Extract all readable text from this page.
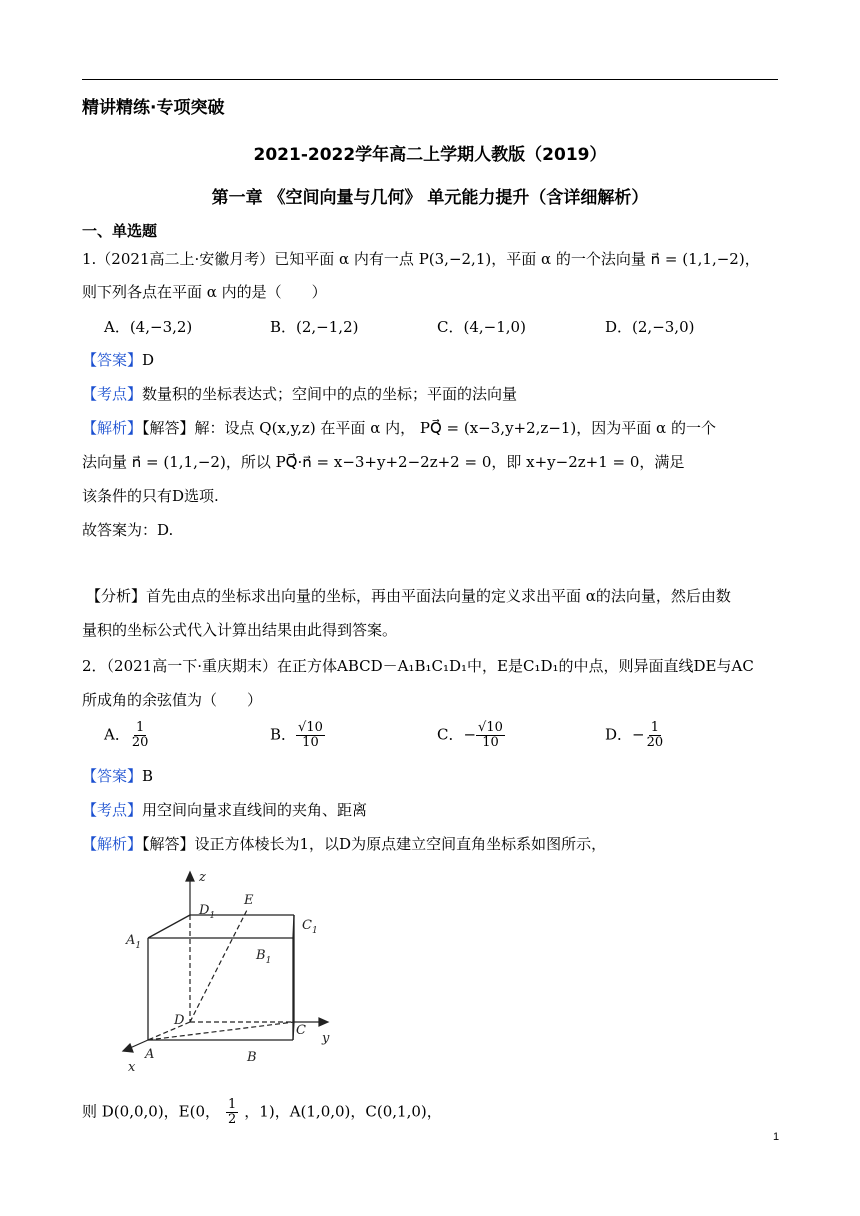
精讲精练·专项突破
2021-2022学年高二上学期人教版（2019）
第一章 《空间向量与几何》 单元能力提升（含详细解析）
一、单选题
1.（2021高二上·安徽月考）已知平面 α 内有一点 P(3,−2,1)，平面 α 的一个法向量 n⃗ = (1,1,−2)，
则下列各点在平面 α 内的是（　　）
A．(4,−3,2)	B．(2,−1,2)	C．(4,−1,0)	D．(2,−3,0)
【答案】D
【考点】数量积的坐标表达式；空间中的点的坐标；平面的法向量
【解析】【解答】解：设点 Q(x,y,z) 在平面 α 内， PQ⃗ = (x−3,y+2,z−1)，因为平面 α 的一个
法向量 n⃗ = (1,1,−2)，所以 PQ⃗·n⃗ = x−3+y+2−2z+2 = 0，即 x+y−2z+1 = 0，满足
该条件的只有D选项.
故答案为：D.
【分析】首先由点的坐标求出向量的坐标，再由平面法向量的定义求出平面 α的法向量，然后由数
量积的坐标公式代入计算出结果由此得到答案。
2．（2021高一下·重庆期末）在正方体ABCD－A₁B₁C₁D₁中，E是C₁D₁的中点，则异面直线DE与AC
所成角的余弦值为（　　）
A． $\frac{1}{20}$	B． $\frac{√10}{10}$	C．− $\frac{√10}{10}$	D．− $\frac{1}{20}$
【答案】B
【考点】用空间向量求直线间的夹角、距离
【解析】【解答】设正方体棱长为1，以D为原点建立空间直角坐标系如图所示，
z
y
x
A	B
C
D
$A_1$
$B_1$
$C_1$
$D_1$
E
则 D(0,0,0)，E(0， $\frac{1}{2}$ ，1)，A(1,0,0)，C(0,1,0)，
1
